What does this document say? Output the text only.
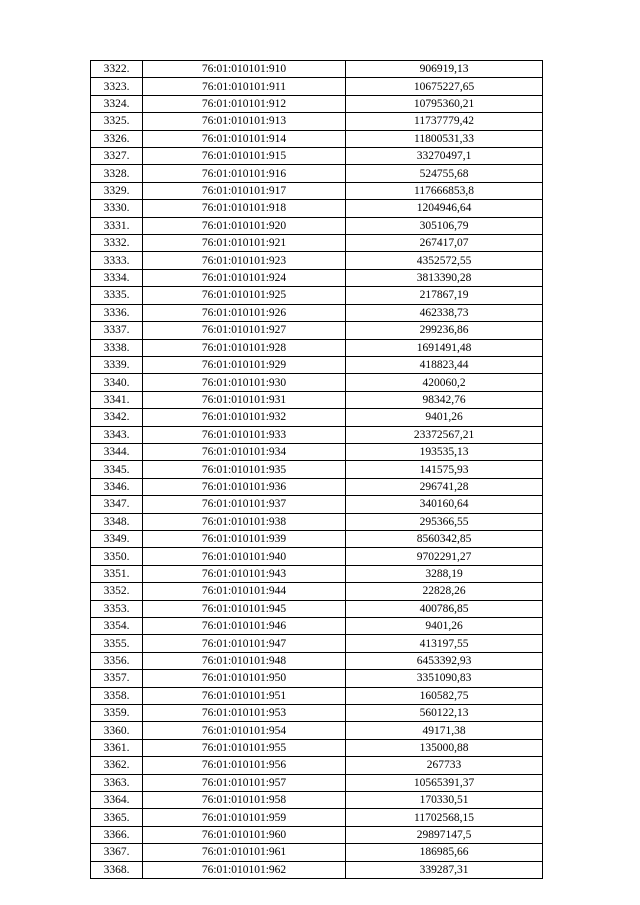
3322.	76:01:010101:910	906919,13
3323.	76:01:010101:911	10675227,65
3324.	76:01:010101:912	10795360,21
3325.	76:01:010101:913	11737779,42
3326.	76:01:010101:914	11800531,33
3327.	76:01:010101:915	33270497,1
3328.	76:01:010101:916	524755,68
3329.	76:01:010101:917	117666853,8
3330.	76:01:010101:918	1204946,64
3331.	76:01:010101:920	305106,79
3332.	76:01:010101:921	267417,07
3333.	76:01:010101:923	4352572,55
3334.	76:01:010101:924	3813390,28
3335.	76:01:010101:925	217867,19
3336.	76:01:010101:926	462338,73
3337.	76:01:010101:927	299236,86
3338.	76:01:010101:928	1691491,48
3339.	76:01:010101:929	418823,44
3340.	76:01:010101:930	420060,2
3341.	76:01:010101:931	98342,76
3342.	76:01:010101:932	9401,26
3343.	76:01:010101:933	23372567,21
3344.	76:01:010101:934	193535,13
3345.	76:01:010101:935	141575,93
3346.	76:01:010101:936	296741,28
3347.	76:01:010101:937	340160,64
3348.	76:01:010101:938	295366,55
3349.	76:01:010101:939	8560342,85
3350.	76:01:010101:940	9702291,27
3351.	76:01:010101:943	3288,19
3352.	76:01:010101:944	22828,26
3353.	76:01:010101:945	400786,85
3354.	76:01:010101:946	9401,26
3355.	76:01:010101:947	413197,55
3356.	76:01:010101:948	6453392,93
3357.	76:01:010101:950	3351090,83
3358.	76:01:010101:951	160582,75
3359.	76:01:010101:953	560122,13
3360.	76:01:010101:954	49171,38
3361.	76:01:010101:955	135000,88
3362.	76:01:010101:956	267733
3363.	76:01:010101:957	10565391,37
3364.	76:01:010101:958	170330,51
3365.	76:01:010101:959	11702568,15
3366.	76:01:010101:960	29897147,5
3367.	76:01:010101:961	186985,66
3368.	76:01:010101:962	339287,31
